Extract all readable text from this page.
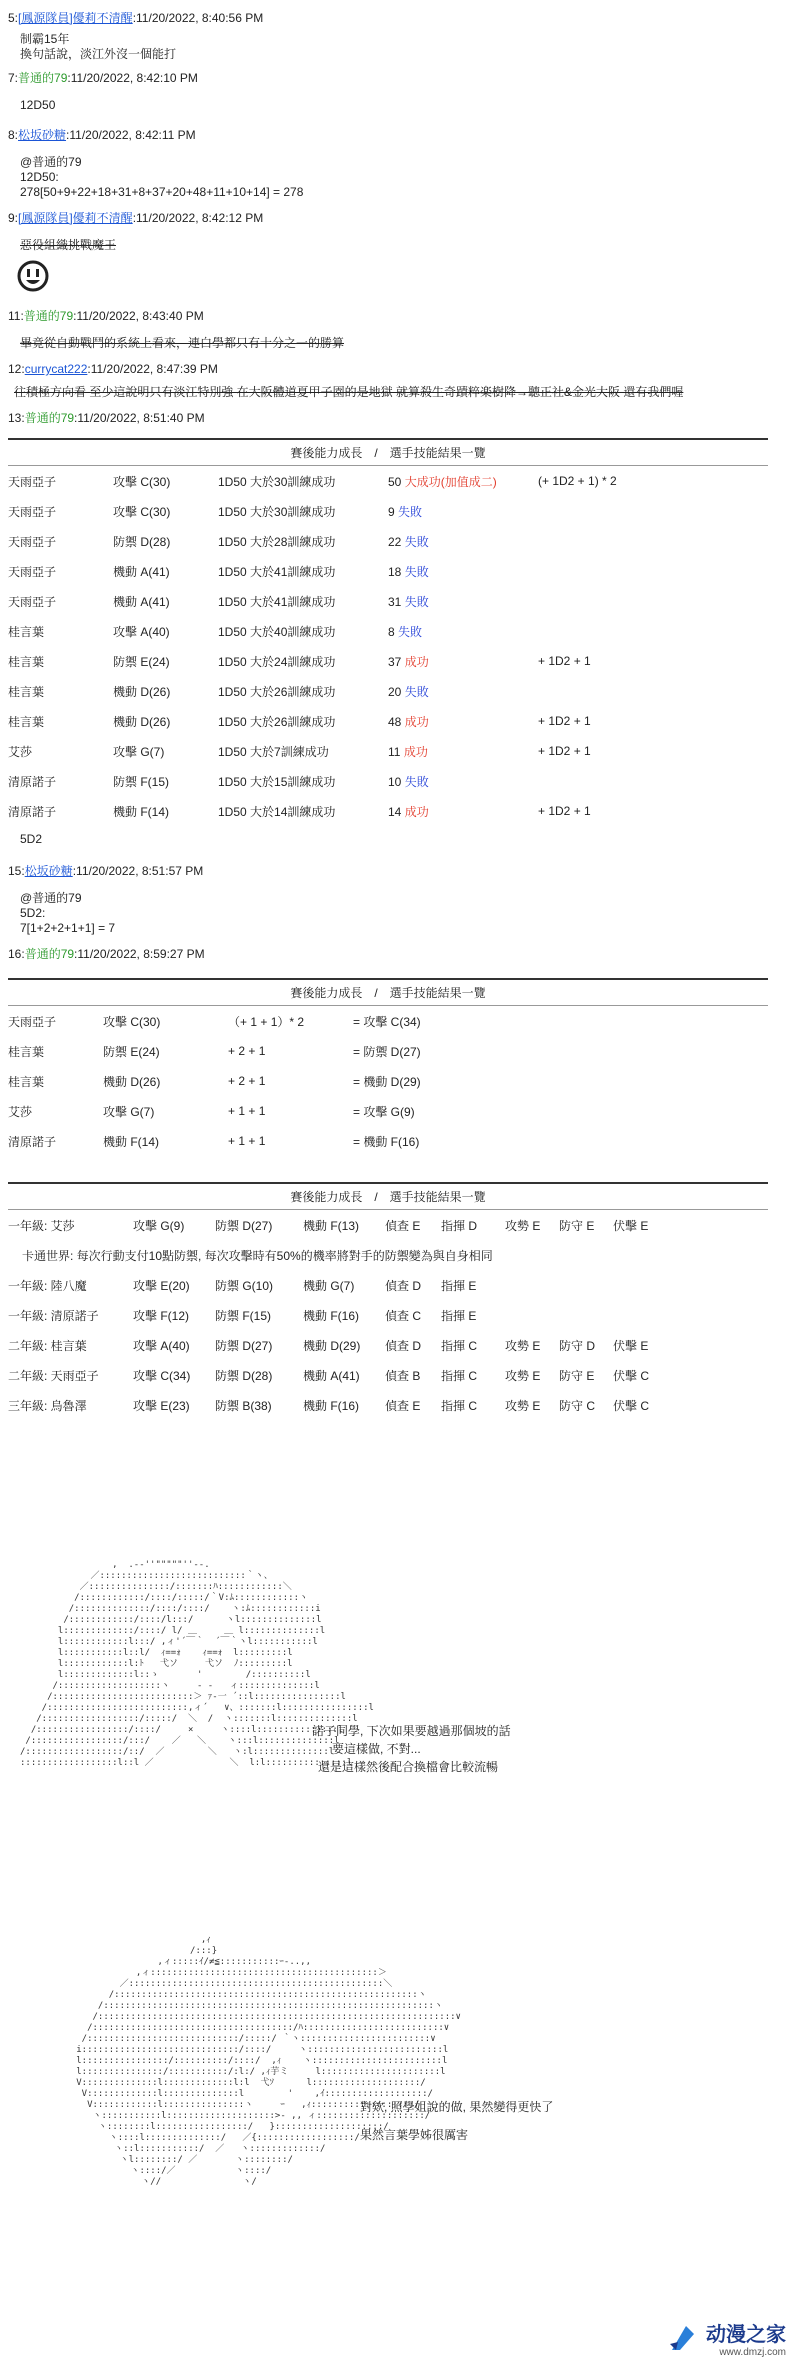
5:[鳳源隊員]優莉不清醒:11/20/2022, 8:40:56 PM
制霸15年
換句話說，淡江外沒一個能打
7:普通的79:11/20/2022, 8:42:10 PM
12D50
8:松坂砂糖:11/20/2022, 8:42:11 PM
@普通的79
12D50:
278[50+9+22+18+31+8+37+20+48+11+10+14] = 278
9:[鳳源隊員]優莉不清醒:11/20/2022, 8:42:12 PM
惡役組織挑戰魔王
11:普通的79:11/20/2022, 8:43:40 PM
畢竟從自動戰鬥的系統上看來，連白學都只有十分之一的勝算
12:currycat222:11/20/2022, 8:47:39 PM
往積極方向看 至少這說明只有淡江特別強 在大阪體道夏甲子園的是地獄 就算殺生奇蹟粹楽樹降→聽正社&金光大阪 還有我們喔
13:普通的79:11/20/2022, 8:51:40 PM
賽後能力成長　/　選手技能結果一覽				
天雨亞子	攻擊 C(30)	1D50 大於30訓練成功	50 大成功(加值成二)	(+ 1D2 + 1) * 2
天雨亞子	攻擊 C(30)	1D50 大於30訓練成功	9 失敗	
天雨亞子	防禦 D(28)	1D50 大於28訓練成功	22 失敗	
天雨亞子	機動 A(41)	1D50 大於41訓練成功	18 失敗	
天雨亞子	機動 A(41)	1D50 大於41訓練成功	31 失敗	
桂言葉	攻擊 A(40)	1D50 大於40訓練成功	8 失敗	
桂言葉	防禦 E(24)	1D50 大於24訓練成功	37 成功	+ 1D2 + 1
桂言葉	機動 D(26)	1D50 大於26訓練成功	20 失敗	
桂言葉	機動 D(26)	1D50 大於26訓練成功	48 成功	+ 1D2 + 1
艾莎	攻擊 G(7)	1D50 大於7訓練成功	11 成功	+ 1D2 + 1
清原諾子	防禦 F(15)	1D50 大於15訓練成功	10 失敗	
清原諾子	機動 F(14)	1D50 大於14訓練成功	14 成功	+ 1D2 + 1
5D2
15:松坂砂糖:11/20/2022, 8:51:57 PM
@普通的79
5D2:
7[1+2+2+1+1] = 7
16:普通的79:11/20/2022, 8:59:27 PM
賽後能力成長　/　選手技能結果一覽			
天雨亞子	攻擊 C(30)	（+ 1 + 1）* 2	= 攻擊 C(34)
桂言葉	防禦 E(24)	+ 2 + 1	= 防禦 D(27)
桂言葉	機動 D(26)	+ 2 + 1	= 機動 D(29)
艾莎	攻擊 G(7)	+ 1 + 1	= 攻擊 G(9)
清原諾子	機動 F(14)	+ 1 + 1	= 機動 F(16)
賽後能力成長　/　選手技能結果一覽								
一年級: 艾莎	攻擊 G(9)	防禦 D(27)	機動 F(13)	偵查 E	指揮 D	攻勢 E	防守 E	伏擊 E
卡通世界: 每次行動支付10點防禦, 每次攻擊時有50%的機率將對手的防禦變為與自身相同								
一年級: 陸八魔	攻擊 E(20)	防禦 G(10)	機動 G(7)	偵查 D	指揮 E			
一年級: 清原諾子	攻擊 F(12)	防禦 F(15)	機動 F(16)	偵查 C	指揮 E			
二年級: 桂言葉	攻擊 A(40)	防禦 D(27)	機動 D(29)	偵查 D	指揮 C	攻勢 E	防守 D	伏擊 E
二年級: 天雨亞子	攻擊 C(34)	防禦 D(28)	機動 A(41)	偵查 B	指揮 C	攻勢 E	防守 E	伏擊 C
三年級: 烏魯澤	攻擊 E(23)	防禦 B(38)	機動 F(16)	偵查 E	指揮 C	攻勢 E	防守 C	伏擊 C
,  .-‐''"""""''‐-.
／:::::::::::::::::::::::::::｀ヽ、
／:::::::::::::::/:::::::ﾊ::::::::::::＼
/::::::::::::/::::/:::::/｀V:ﾑ::::::::::::ヽ
/::::::::::::::/::::/::::/    ヽ:ﾑ::::::::::::i
/::::::::::::/::::/l:::/      ヽl::::::::::::::l
l:::::::::::::/::::/ l/ ＿     ＿ l::::::::::::::l
l::::::::::::l:::/ ,ィ'´￣｀  ´￣｀ヽl:::::::::::l
l:::::::::::l::l/  ｨ==ｫ    ｨ==ｫ  l:::::::::l
l::::::::::::l:ﾄ   弋ソ     弋ソ  ﾉ:::::::::l
l:::::::::::::l::ゝ       '        /::::::::::l
/:::::::::::::::::::ヽ     - ‐   ィ::::::::::::::l
/::::::::::::::::::::::::::＞ ｧ-一 ´::l::::::::::::::::l
/::::::::::::::::::::::::::,ィ´   ∨、:::::::l::::::::::::::::l
/::::::::::::::::::/:::::/  ＼  /  ヽ:::::::l::::::::::::::l
/:::::::::::::::::/::::/     ×     ヽ::::l:::::::::::::::l
/:::::::::::::::::/:::/    ／   ＼    ヽ:::l::::::::::::::l
/::::::::::::::::::/::/  ／        ＼   ヽ:l::::::::::::::l
::::::::::::::::::l::l ／              ＼  l:l:::::::::::::::l

諾子同學, 下次如果要越過那個坡的話
要這樣做, 不對...
還是這樣然後配合換檔會比較流暢
,ｨ
/:::}
,ィ:::::ｲ/≠≦:::::::::::ｰ-..,,
,ィ::::::::::::::::::::::::::::::::::::::::::＞
／:::::::::::::::::::::::::::::::::::::::::::::::＼
/::::::::::::::::::::::::::::::::::::::::::::::::::::::::ヽ
/:::::::::::::::::::::::::::::::::::::::::::::::::::::::::::::ヽ
/::::::::::::::::::::::::::::::::::::::::::::::::::::::::::::::::::∨
/:::::::::::::::::::::::::::::::::::::/ﾊ::::::::::::::::::::::::::∨
/::::::::::::::::::::::::::::/:::::/ ｀ヽ::::::::::::::::::::::::∨
i:::::::::::::::::::::::::::::/::::/     ヽ:::::::::::::::::::::::::l
l::::::::::::::::/::::::::::/::::/  ,ｨ    ヽ::::::::::::::::::::::::l
l:::::::::::::::/:::::::::::/:l:/ ,ｨ芋ミ     l::::::::::::::::::::::l
V::::::::::::::l:::::::::::::l:l  弋ｿ      l::::::::::::::::::::/
V:::::::::::::l::::::::::::::l        '    ,ｲ:::::::::::::::::::/
V::::::::::::l:::::::::::::::ヽ     ｰ   ,ｨ:::::::::::::::::::/
ヽ:::::::::::l::::::::::::::::::::>- ,, ィ::::::::::::::::::::/
ヽ::::::::l:::::::::::::::::/   }::::::::::::::::::::/
ヽ::::l::::::::::::::/   ／{::::::::::::::::::/
ヽ::l:::::::::::/  ／   ヽ:::::::::::::/
ヽl::::::::/ ／       ヽ::::::::/
ヽ::::/／           ヽ::::/
ヽ//               ヽ/

對欸, 照學姐說的做, 果然變得更快了
果然言葉學姊很厲害
动漫之家
www.dmzj.com
